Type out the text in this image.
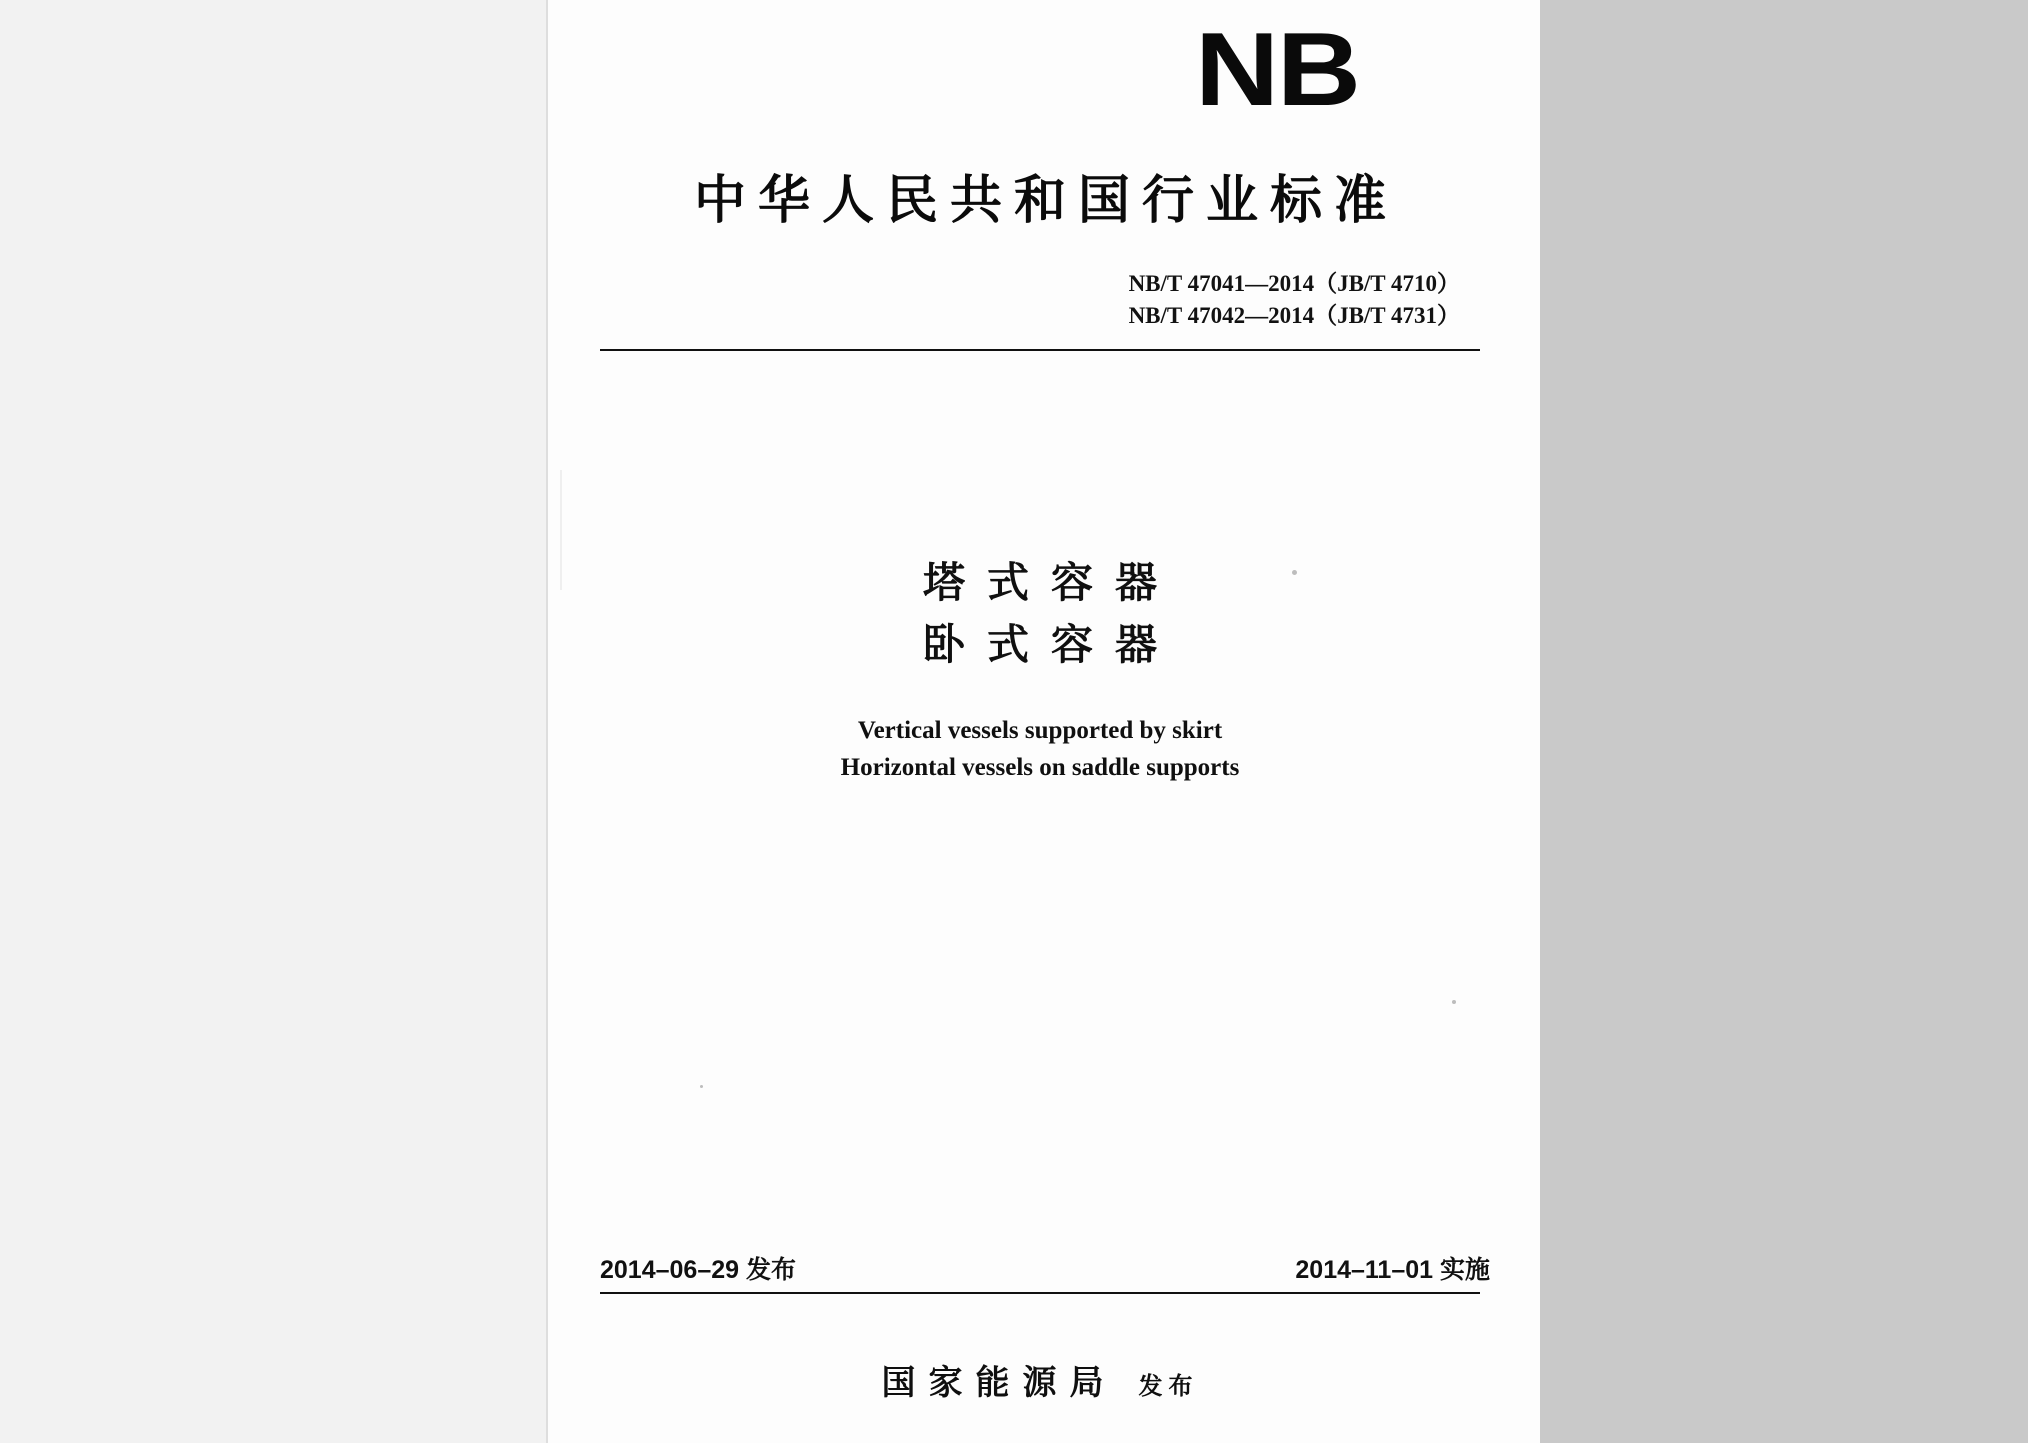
NB
中华人民共和国行业标准
NB/T 47041—2014（JB/T 4710）
NB/T 47042—2014（JB/T 4731）
塔式容器
卧式容器
Vertical vessels supported by skirt
Horizontal vessels on saddle supports
2014–06–29 发布	2014–11–01 实施
国家能源局 发布
